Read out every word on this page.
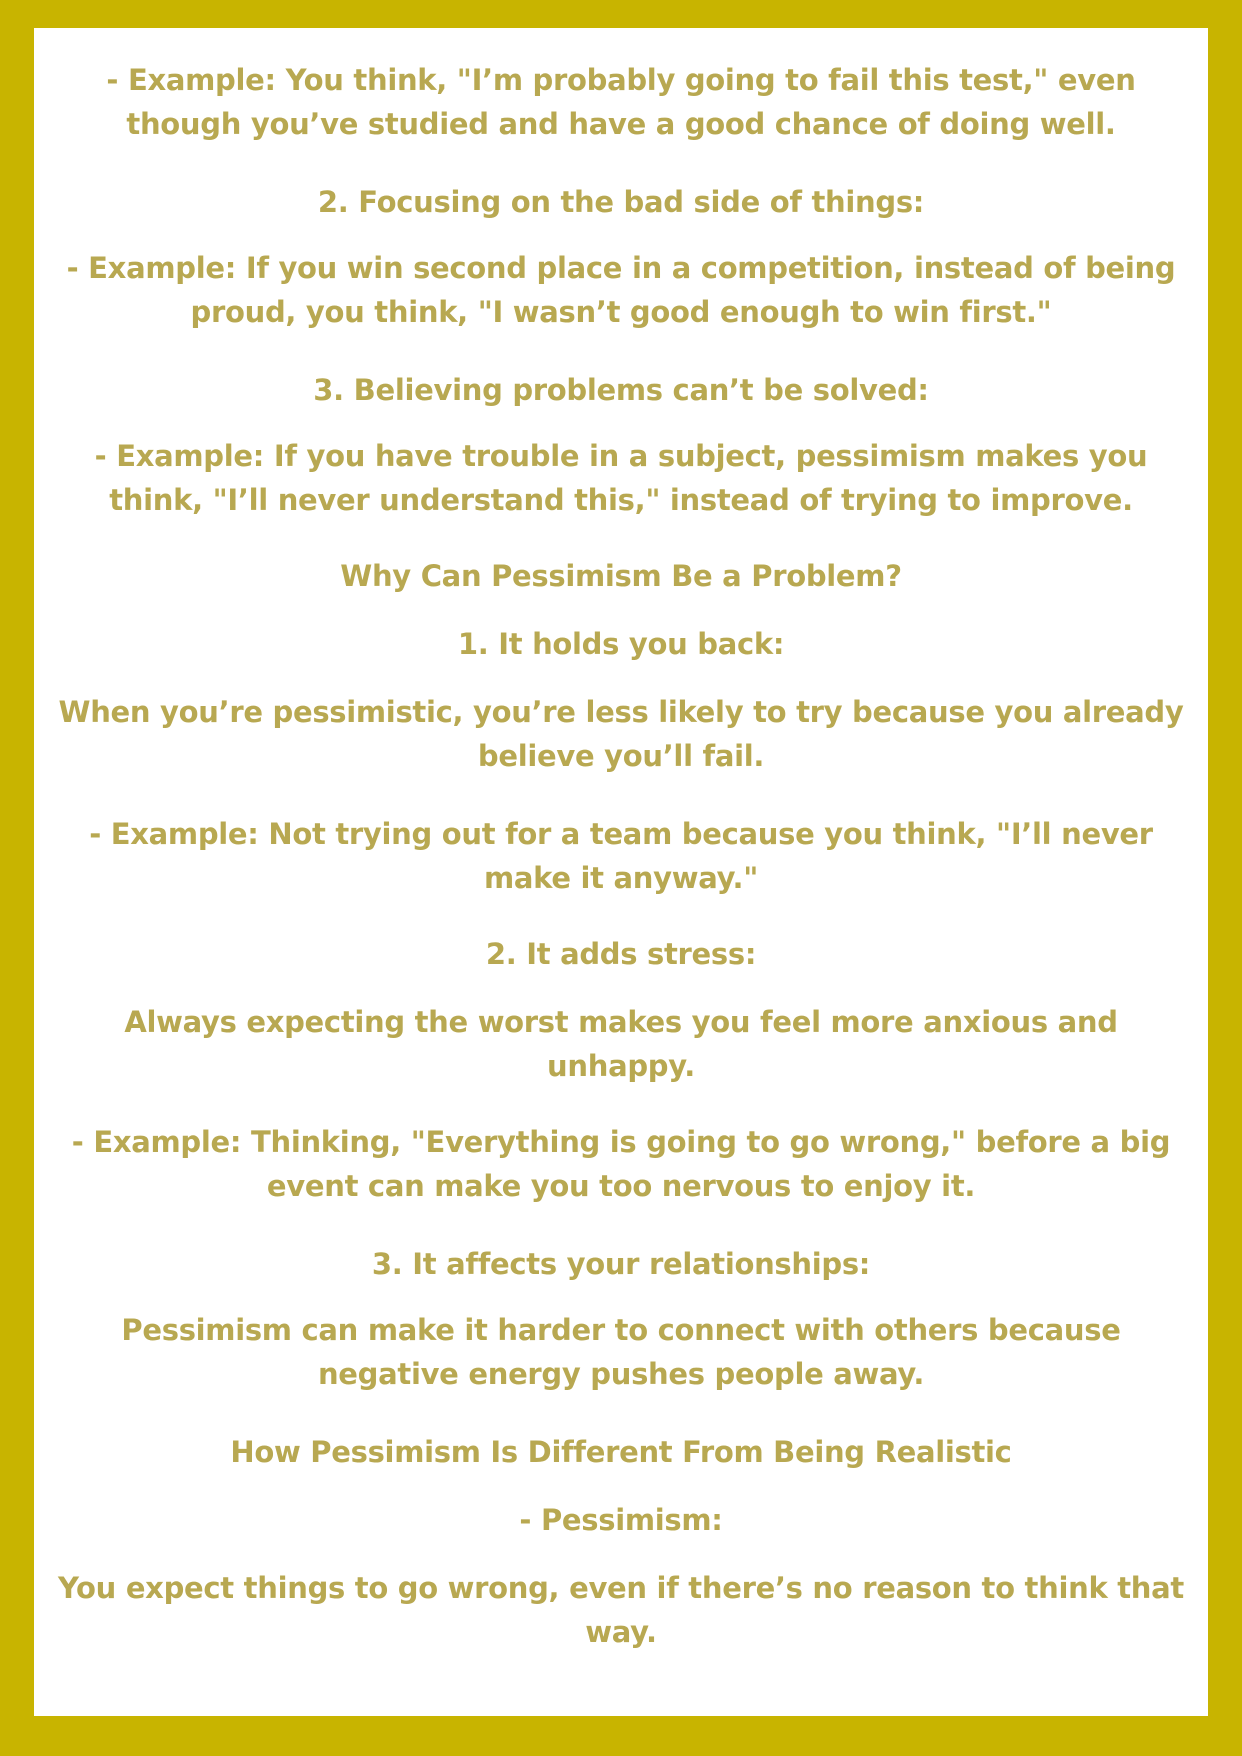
- Example: You think, "I’m probably going to fail this test," even though you’ve studied and have a good chance of doing well.

2. Focusing on the bad side of things:

- Example: If you win second place in a competition, instead of being proud, you think, "I wasn’t good enough to win first."

3. Believing problems can’t be solved:

- Example: If you have trouble in a subject, pessimism makes you think, "I’ll never understand this," instead of trying to improve.

Why Can Pessimism Be a Problem?

1. It holds you back:

When you’re pessimistic, you’re less likely to try because you already believe you’ll fail.

- Example: Not trying out for a team because you think, "I’ll never make it anyway."

2. It adds stress:

Always expecting the worst makes you feel more anxious and unhappy.

- Example: Thinking, "Everything is going to go wrong," before a big event can make you too nervous to enjoy it.

3. It affects your relationships:

Pessimism can make it harder to connect with others because negative energy pushes people away.

How Pessimism Is Different From Being Realistic

- Pessimism:

You expect things to go wrong, even if there’s no reason to think that way.
